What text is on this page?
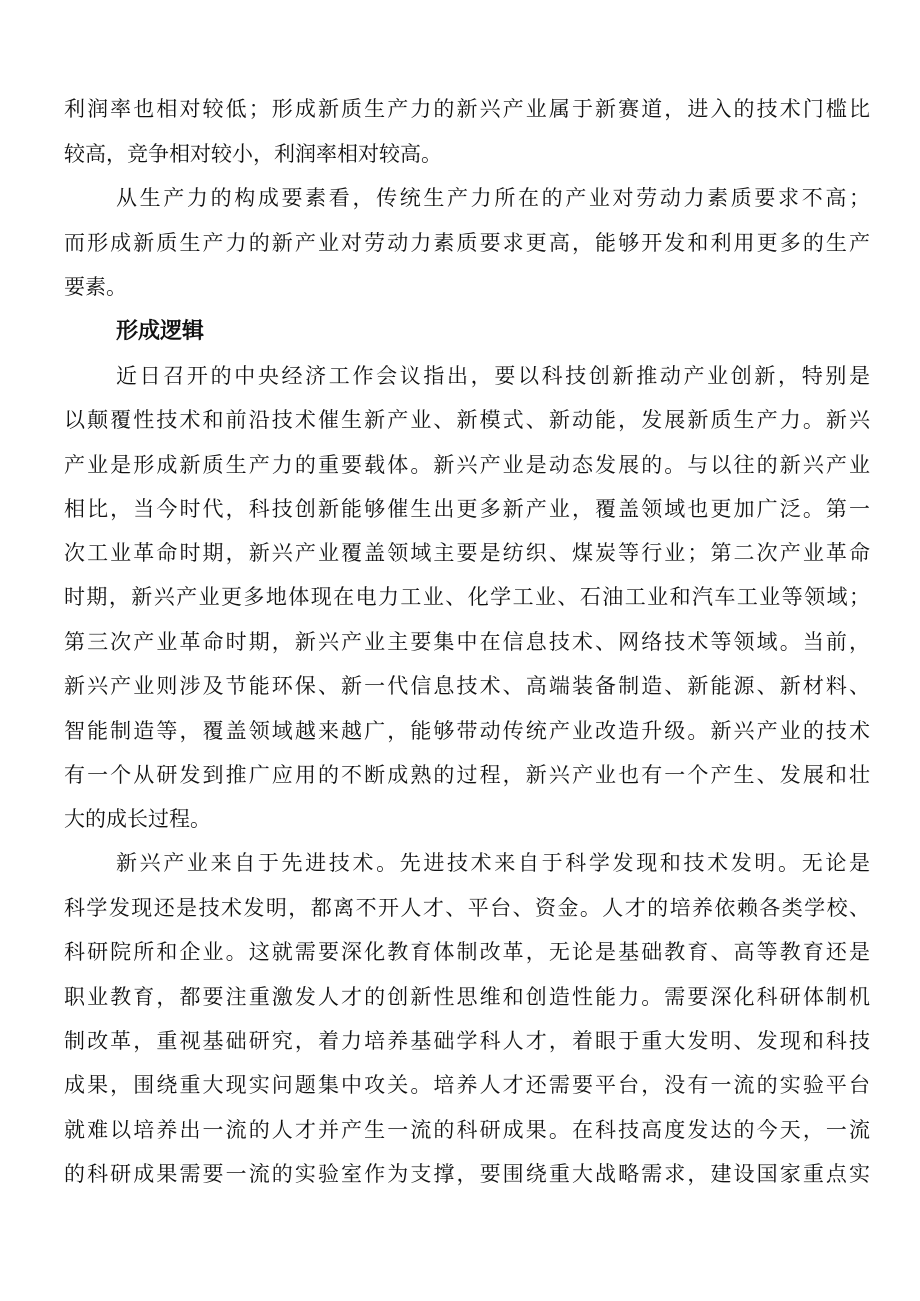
利润率也相对较低；形成新质生产力的新兴产业属于新赛道，进入的技术门槛比
较高，竞争相对较小，利润率相对较高。
从生产力的构成要素看，传统生产力所在的产业对劳动力素质要求不高；
而形成新质生产力的新产业对劳动力素质要求更高，能够开发和利用更多的生产
要素。
形成逻辑
近日召开的中央经济工作会议指出，要以科技创新推动产业创新，特别是
以颠覆性技术和前沿技术催生新产业、新模式、新动能，发展新质生产力。新兴
产业是形成新质生产力的重要载体。新兴产业是动态发展的。与以往的新兴产业
相比，当今时代，科技创新能够催生出更多新产业，覆盖领域也更加广泛。第一
次工业革命时期，新兴产业覆盖领域主要是纺织、煤炭等行业；第二次产业革命
时期，新兴产业更多地体现在电力工业、化学工业、石油工业和汽车工业等领域；
第三次产业革命时期，新兴产业主要集中在信息技术、网络技术等领域。当前，
新兴产业则涉及节能环保、新一代信息技术、高端装备制造、新能源、新材料、
智能制造等，覆盖领域越来越广，能够带动传统产业改造升级。新兴产业的技术
有一个从研发到推广应用的不断成熟的过程，新兴产业也有一个产生、发展和壮
大的成长过程。
新兴产业来自于先进技术。先进技术来自于科学发现和技术发明。无论是
科学发现还是技术发明，都离不开人才、平台、资金。人才的培养依赖各类学校、
科研院所和企业。这就需要深化教育体制改革，无论是基础教育、高等教育还是
职业教育，都要注重激发人才的创新性思维和创造性能力。需要深化科研体制机
制改革，重视基础研究，着力培养基础学科人才，着眼于重大发明、发现和科技
成果，围绕重大现实问题集中攻关。培养人才还需要平台，没有一流的实验平台
就难以培养出一流的人才并产生一流的科研成果。在科技高度发达的今天，一流
的科研成果需要一流的实验室作为支撑，要围绕重大战略需求，建设国家重点实
